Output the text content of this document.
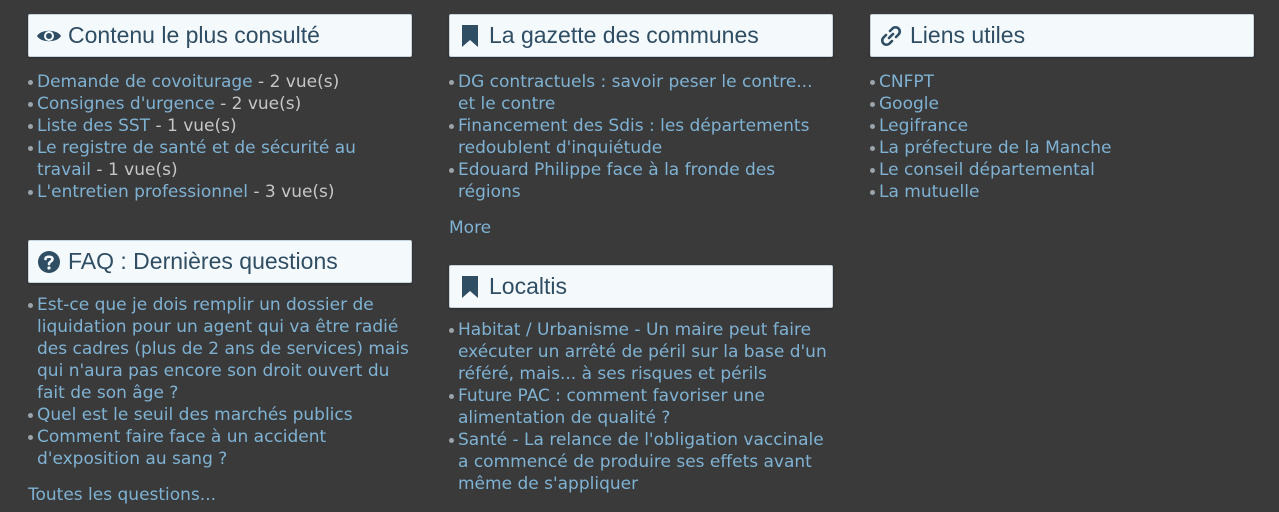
Contenu le plus consulté
Demande de covoiturage - 2 vue(s)
Consignes d'urgence - 2 vue(s)
Liste des SST - 1 vue(s)
Le registre de santé et de sécurité au travail - 1 vue(s)
L'entretien professionnel - 3 vue(s)
FAQ : Dernières questions
Est-ce que je dois remplir un dossier de liquidation pour un agent qui va être radié des cadres (plus de 2 ans de services) mais qui n'aura pas encore son droit ouvert du fait de son âge ?
Quel est le seuil des marchés publics
Comment faire face à un accident d'exposition au sang ?
Toutes les questions...
La gazette des communes
DG contractuels : savoir peser le contre... et le contre
Financement des Sdis : les départements redoublent d'inquiétude
Edouard Philippe face à la fronde des régions
More
Localtis
Habitat / Urbanisme - Un maire peut faire exécuter un arrêté de péril sur la base d'un référé, mais... à ses risques et périls
Future PAC : comment favoriser une alimentation de qualité ?
Santé - La relance de l'obligation vaccinale a commencé de produire ses effets avant même de s'appliquer
Liens utiles
CNFPT
Google
Legifrance
La préfecture de la Manche
Le conseil départemental
La mutuelle
